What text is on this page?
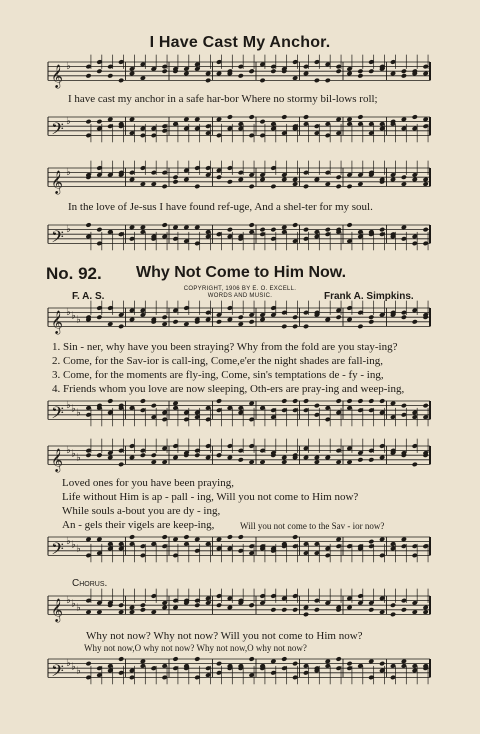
𝄞 ♭
𝄢 ♭
𝄞 ♭
𝄢 ♭
𝄞 ♭ ♭ ♭
𝄢 ♭ ♭ ♭
𝄞 ♭ ♭ ♭
𝄢 ♭ ♭ ♭
𝄞 ♭ ♭ ♭
𝄢 ♭ ♭ ♭
I Have Cast My Anchor.
I have cast my anchor in a safe har-bor Where no stormy bil-lows roll;
In the love of Je-sus I have found ref-uge, And a shel-ter for my soul.
No. 92. Why Not Come to Him Now.
F. A. S.
COPYRIGHT, 1906 BY E. O. EXCELL.
WORDS AND MUSIC.	Frank A. Simpkins.
1. Sin - ner, why have you been straying? Why from the fold are you stay-ing?
2. Come, for the Sav-ior is call-ing, Come,e'er the night shades are fall-ing,
3. Come, for the moments are fly-ing, Come, sin's temptations de - fy - ing,
4. Friends whom you love are now sleeping, Oth-ers are pray-ing and weep-ing,
Loved ones for you have been praying,
Life without Him is ap - pall - ing, Will you not come to Him now?
While souls a-bout you are dy - ing,
An - gels their vigels are keep-ing,	Will you not come to the Sav - ior now?
Chorus.
Why not now? Why not now? Will you not come to Him now?
Why not now,O why not now? Why not now,O why not now?
